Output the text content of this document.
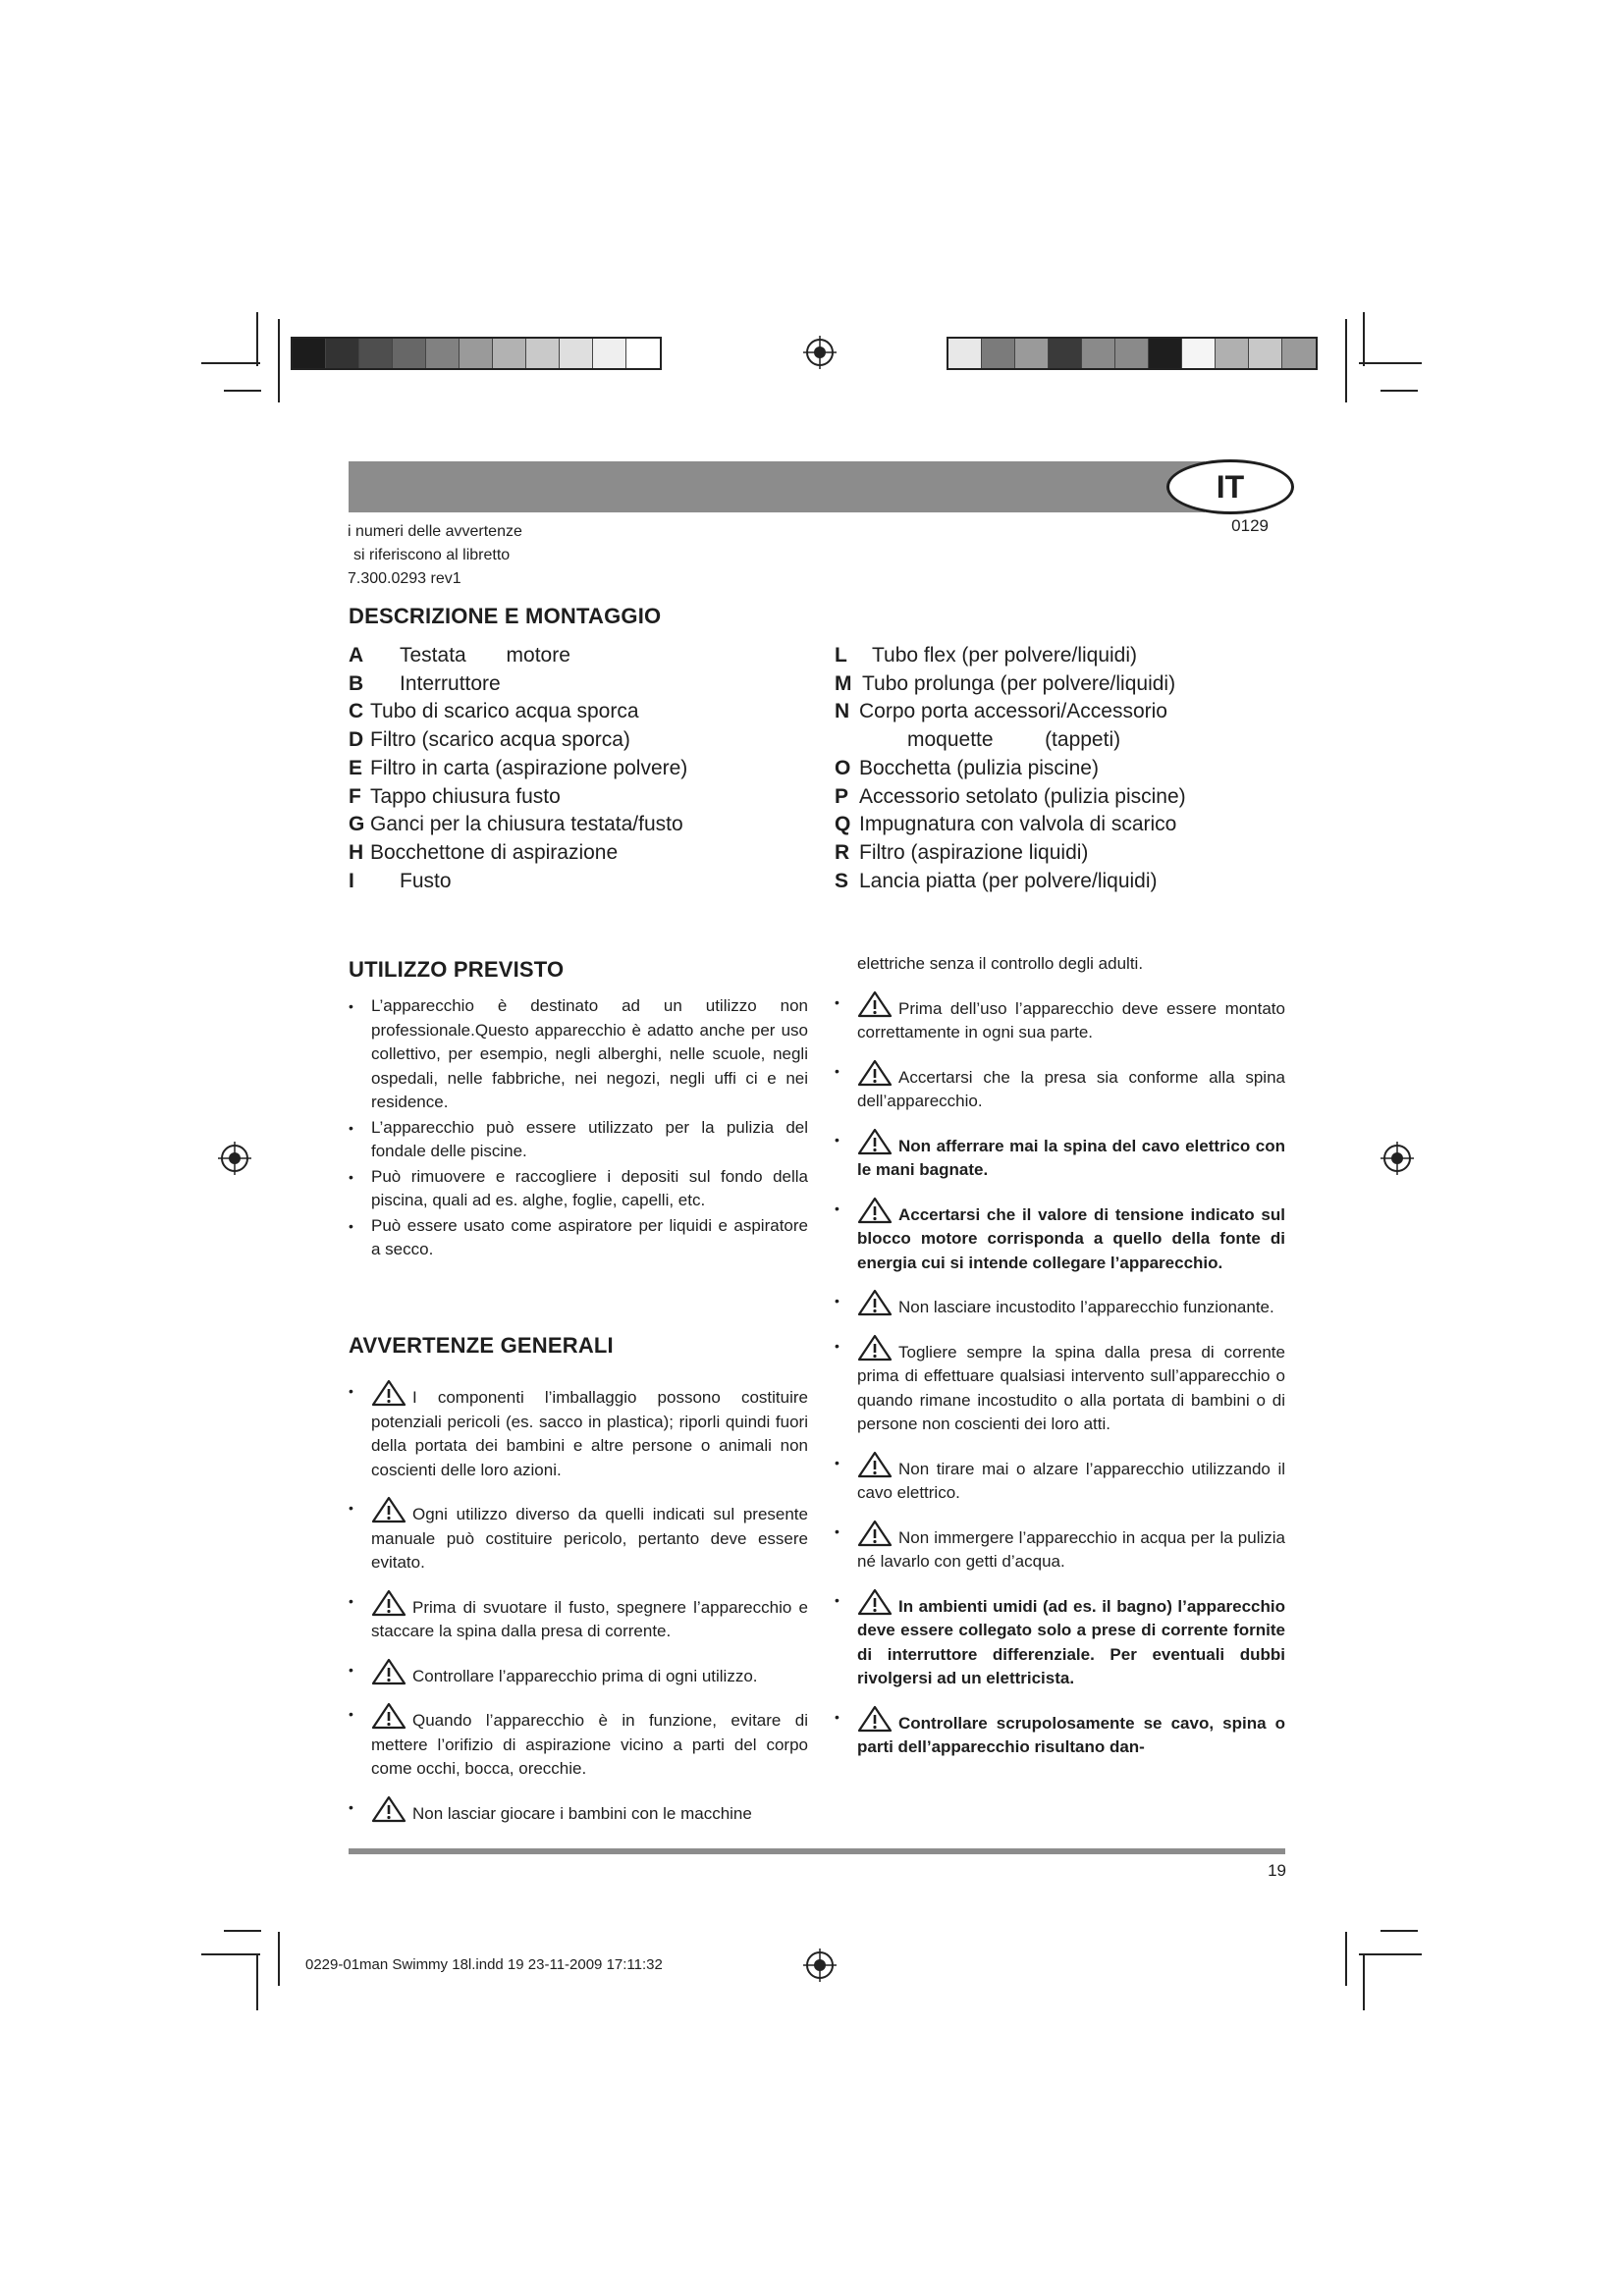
IT
0129
i numeri delle avvertenze
si riferiscono al libretto
7.300.0293 rev1
DESCRIZIONE E MONTAGGIO
A Testata       motore
B Interruttore
C Tubo di scarico acqua sporca
D Filtro (scarico acqua sporca)
E Filtro in carta (aspirazione polvere)
F Tappo chiusura fusto
G Ganci per la chiusura testata/fusto
H Bocchettone di aspirazione
I Fusto
L Tubo flex (per polvere/liquidi)
M Tubo prolunga (per polvere/liquidi)
N Corpo porta accessori/Accessorio
moquette         (tappeti)
O Bocchetta (pulizia piscine)
P Accessorio setolato (pulizia piscine)
Q Impugnatura con valvola di scarico
R Filtro (aspirazione liquidi)
S Lancia piatta (per polvere/liquidi)
UTILIZZO PREVISTO
• L’apparecchio è destinato ad un utilizzo non professionale.Questo apparecchio è adatto anche per uso collettivo, per esempio, negli alberghi, nelle scuole, negli ospedali, nelle fabbriche, nei negozi, negli uffi ci e nei residence.
• L’apparecchio può essere utilizzato per la pulizia del fondale delle piscine.
• Può rimuovere e raccogliere i depositi sul fondo della piscina, quali ad es. alghe, foglie, capelli, etc.
• Può essere usato come aspiratore per liquidi e aspiratore a secco.
AVVERTENZE GENERALI
• I componenti l’imballaggio possono costituire potenziali pericoli (es. sacco in plastica); riporli quindi fuori della portata dei bambini e altre persone o animali non coscienti delle loro azioni.
• Ogni utilizzo diverso da quelli indicati sul presente manuale può costituire pericolo, pertanto deve essere evitato.
• Prima di svuotare il fusto, spegnere l’apparecchio e staccare la spina dalla presa di corrente.
• Controllare l’apparecchio prima di ogni utilizzo.
• Quando l’apparecchio è in funzione, evitare di mettere l’orifizio di aspirazione vicino a parti del corpo come occhi, bocca, orecchie.
• Non lasciar giocare i bambini con le macchine
elettriche senza il controllo degli adulti.
• Prima dell’uso l’apparecchio deve essere montato correttamente in ogni sua parte.
• Accertarsi che la presa sia conforme alla spina dell’apparecchio.
• Non afferrare mai la spina del cavo elettrico con le mani bagnate.
• Accertarsi che il valore di tensione indicato sul blocco motore corrisponda a quello della fonte di energia cui si intende collegare l’apparecchio.
• Non lasciare incustodito l’apparecchio funzionante.
• Togliere sempre la spina dalla presa di corrente prima di effettuare qualsiasi intervento sull’apparecchio o quando rimane incostudito o alla portata di bambini o di persone non coscienti dei loro atti.
• Non tirare mai o alzare l’apparecchio utilizzando il cavo elettrico.
• Non immergere l’apparecchio in acqua per la pulizia né lavarlo con getti d’acqua.
• In ambienti umidi (ad es. il bagno) l’apparecchio deve essere collegato solo a prese di corrente fornite di interruttore differenziale. Per eventuali dubbi rivolgersi ad un elettricista.
• Controllare scrupolosamente se cavo, spina o parti dell’apparecchio risultano dan-
19
0229-01man Swimmy 18l.indd 19 23-11-2009 17:11:32
